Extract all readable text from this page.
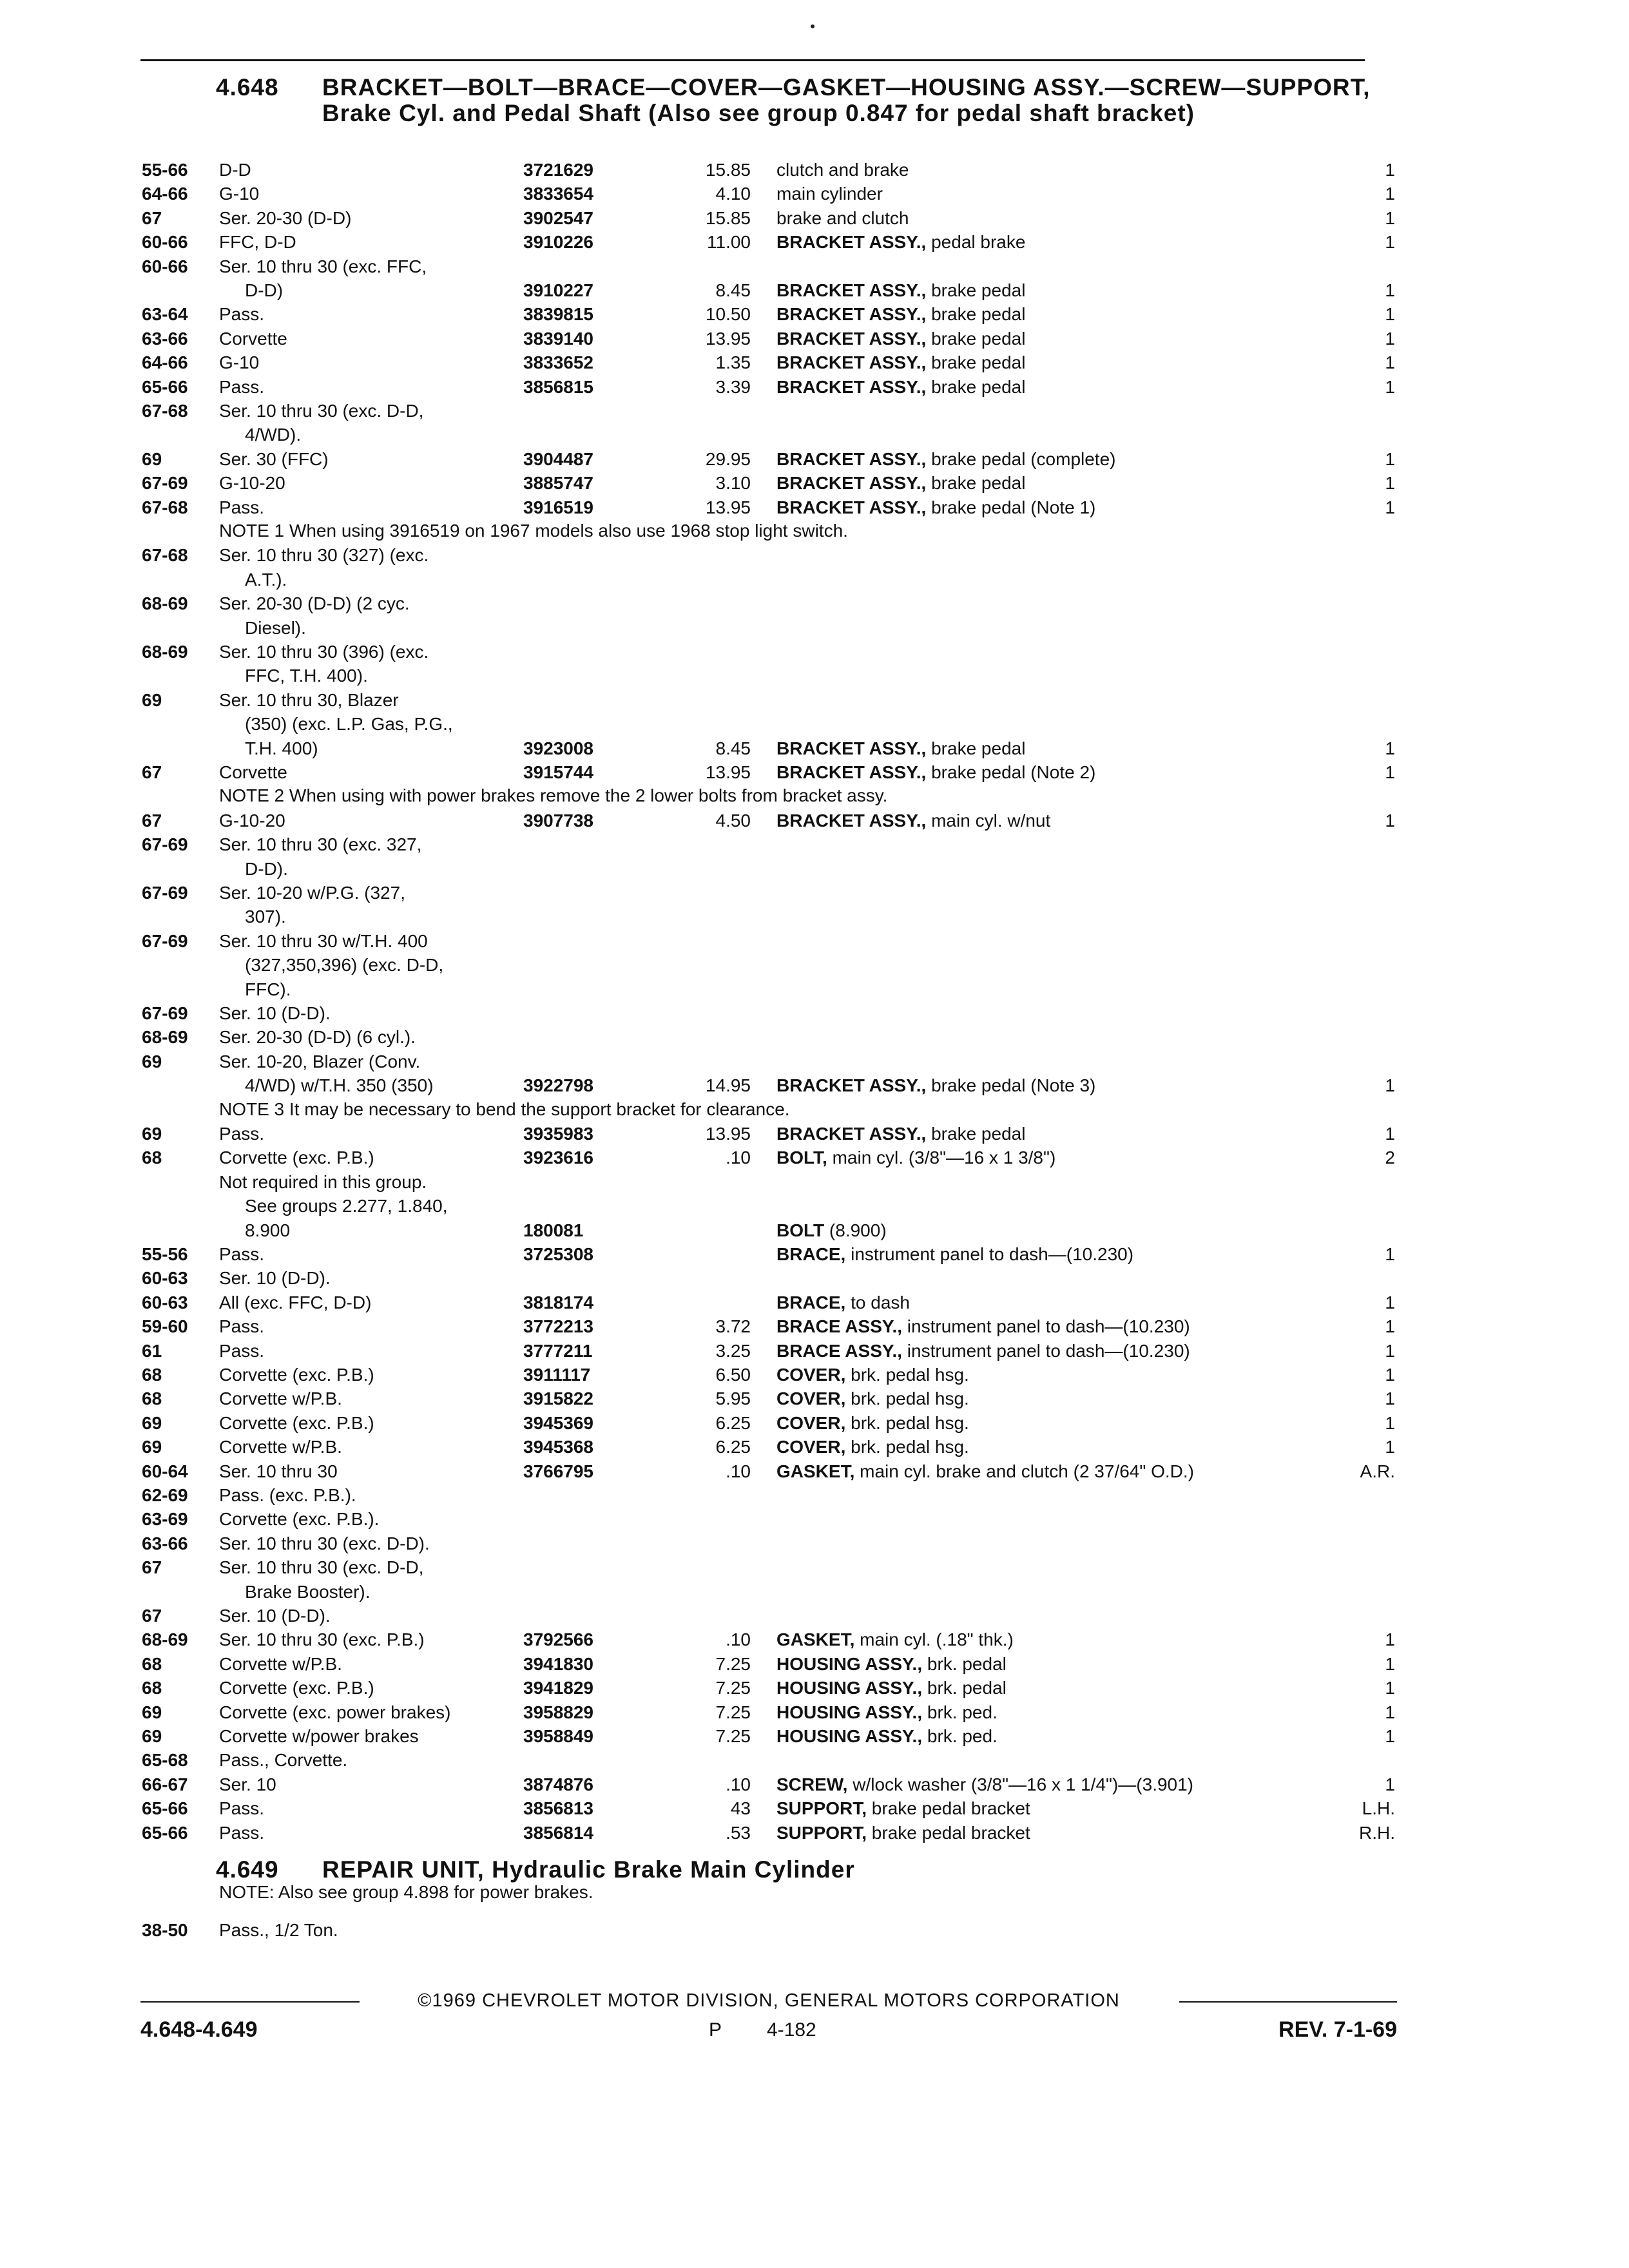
4.648 BRACKET—BOLT—BRACE—COVER—GASKET—HOUSING ASSY.—SCREW—SUPPORT, Brake Cyl. and Pedal Shaft (Also see group 0.847 for pedal shaft bracket)
55-66 D-D	3721629	15.85 clutch and brake	1
64-66 G-10	3833654	4.10 main cylinder	1
67	Ser. 20-30 (D-D)	3902547	15.85 brake and clutch	1
60-66 FFC, D-D	3910226	11.00 BRACKET ASSY., pedal brake	1
60-66 Ser. 10 thru 30 (exc. FFC,
D-D)	3910227	8.45 BRACKET ASSY., brake pedal	1
63-64 Pass.	3839815	10.50 BRACKET ASSY., brake pedal	1
63-66 Corvette	3839140	13.95 BRACKET ASSY., brake pedal	1
64-66 G-10	3833652	1.35 BRACKET ASSY., brake pedal	1
65-66 Pass.	3856815	3.39 BRACKET ASSY., brake pedal	1
67-68 Ser. 10 thru 30 (exc. D-D,
4/WD).
69	Ser. 30 (FFC)	3904487	29.95 BRACKET ASSY., brake pedal (complete)	1
67-69 G-10-20	3885747	3.10 BRACKET ASSY., brake pedal	1
67-68 Pass.	3916519	13.95 BRACKET ASSY., brake pedal (Note 1)	1
NOTE 1 When using 3916519 on 1967 models also use 1968 stop light switch.
67-68 Ser. 10 thru 30 (327) (exc.
A.T.).
68-69 Ser. 20-30 (D-D) (2 cyc.
Diesel).
68-69 Ser. 10 thru 30 (396) (exc.
FFC, T.H. 400).
69	Ser. 10 thru 30, Blazer
(350) (exc. L.P. Gas, P.G.,
T.H. 400)	3923008	8.45 BRACKET ASSY., brake pedal	1
67	Corvette	3915744	13.95 BRACKET ASSY., brake pedal (Note 2)	1
NOTE 2 When using with power brakes remove the 2 lower bolts from bracket assy.
67	G-10-20	3907738	4.50 BRACKET ASSY., main cyl. w/nut	1
67-69 Ser. 10 thru 30 (exc. 327,
D-D).
67-69 Ser. 10-20 w/P.G. (327,
307).
67-69 Ser. 10 thru 30 w/T.H. 400
(327,350,396) (exc. D-D,
FFC).
67-69 Ser. 10 (D-D).
68-69 Ser. 20-30 (D-D) (6 cyl.).
69	Ser. 10-20, Blazer (Conv.
4/WD) w/T.H. 350 (350)	3922798	14.95 BRACKET ASSY., brake pedal (Note 3)	1
NOTE 3 It may be necessary to bend the support bracket for clearance.
69	Pass.	3935983	13.95 BRACKET ASSY., brake pedal	1
68	Corvette (exc. P.B.)	3923616	.10 BOLT, main cyl. (3/8"—16 x 1 3/8")	2
Not required in this group.
See groups 2.277, 1.840,
8.900	180081	BOLT (8.900)
55-56 Pass.	3725308	BRACE, instrument panel to dash—(10.230)	1
60-63 Ser. 10 (D-D).
60-63 All (exc. FFC, D-D)	3818174	BRACE, to dash	1
59-60 Pass.	3772213	3.72 BRACE ASSY., instrument panel to dash—(10.230)	1
61	Pass.	3777211	3.25 BRACE ASSY., instrument panel to dash—(10.230)	1
68	Corvette (exc. P.B.)	3911117	6.50 COVER, brk. pedal hsg.	1
68	Corvette w/P.B.	3915822	5.95 COVER, brk. pedal hsg.	1
69	Corvette (exc. P.B.)	3945369	6.25 COVER, brk. pedal hsg.	1
69	Corvette w/P.B.	3945368	6.25 COVER, brk. pedal hsg.	1
60-64 Ser. 10 thru 30	3766795	.10 GASKET, main cyl. brake and clutch (2 37/64" O.D.)	A.R.
62-69 Pass. (exc. P.B.).
63-69 Corvette (exc. P.B.).
63-66 Ser. 10 thru 30 (exc. D-D).
67	Ser. 10 thru 30 (exc. D-D,
Brake Booster).
67	Ser. 10 (D-D).
68-69 Ser. 10 thru 30 (exc. P.B.)	3792566	.10 GASKET, main cyl. (.18" thk.)	1
68	Corvette w/P.B.	3941830	7.25 HOUSING ASSY., brk. pedal	1
68	Corvette (exc. P.B.)	3941829	7.25 HOUSING ASSY., brk. pedal	1
69	Corvette (exc. power brakes)	3958829	7.25 HOUSING ASSY., brk. ped.	1
69	Corvette w/power brakes	3958849	7.25 HOUSING ASSY., brk. ped.	1
65-68 Pass., Corvette.
66-67 Ser. 10	3874876	.10 SCREW, w/lock washer (3/8"—16 x 1 1/4")—(3.901)	1
65-66 Pass.	3856813	43 SUPPORT, brake pedal bracket	L.H.
65-66 Pass.	3856814	.53 SUPPORT, brake pedal bracket	R.H.
4.649 REPAIR UNIT, Hydraulic Brake Main Cylinder
NOTE: Also see group 4.898 for power brakes.
38-50 Pass., 1/2 Ton.
©1969 CHEVROLET MOTOR DIVISION, GENERAL MOTORS CORPORATION
4.648-4.649	P 4-182	REV. 7-1-69
